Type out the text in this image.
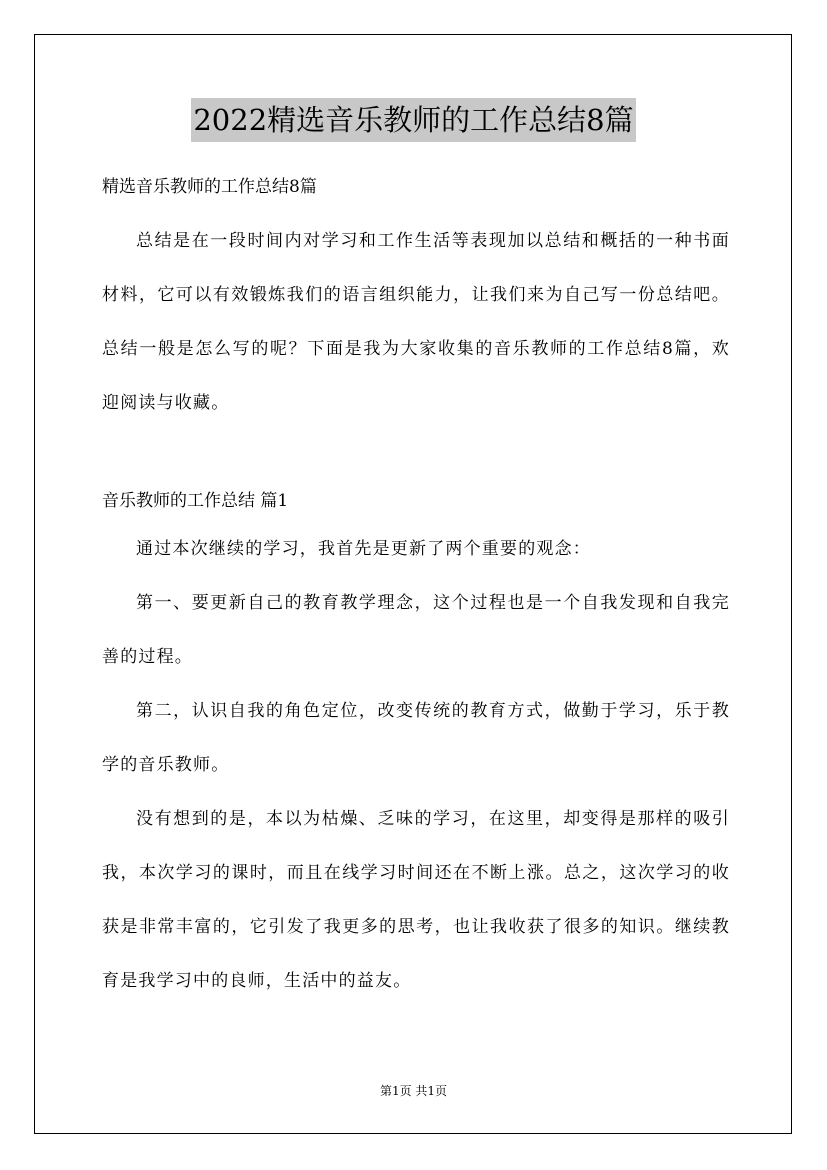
2022精选音乐教师的工作总结8篇

精选音乐教师的工作总结8篇

总结是在一段时间内对学习和工作生活等表现加以总结和概括的一种书面材料，它可以有效锻炼我们的语言组织能力，让我们来为自己写一份总结吧。总结一般是怎么写的呢？下面是我为大家收集的音乐教师的工作总结8篇，欢迎阅读与收藏。

音乐教师的工作总结 篇1

通过本次继续的学习，我首先是更新了两个重要的观念：

第一、要更新自己的教育教学理念，这个过程也是一个自我发现和自我完善的过程。

第二，认识自我的角色定位，改变传统的教育方式，做勤于学习，乐于教学的音乐教师。

没有想到的是，本以为枯燥、乏味的学习，在这里，却变得是那样的吸引我，本次学习的课时，而且在线学习时间还在不断上涨。总之，这次学习的收获是非常丰富的，它引发了我更多的思考，也让我收获了很多的知识。继续教育是我学习中的良师，生活中的益友。

第1页 共1页
